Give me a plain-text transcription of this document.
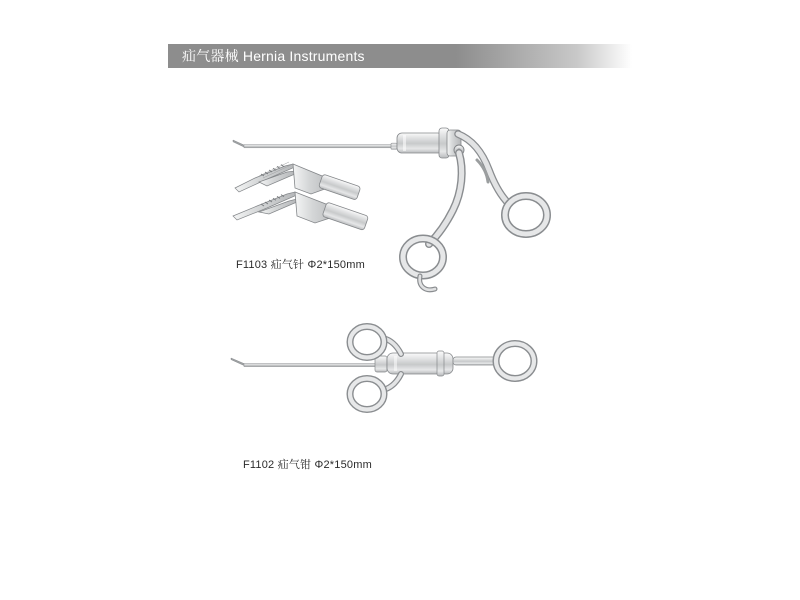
疝气器械 Hernia Instruments
F1103 疝气针 Φ2*150mm
F1102 疝气钳 Φ2*150mm
